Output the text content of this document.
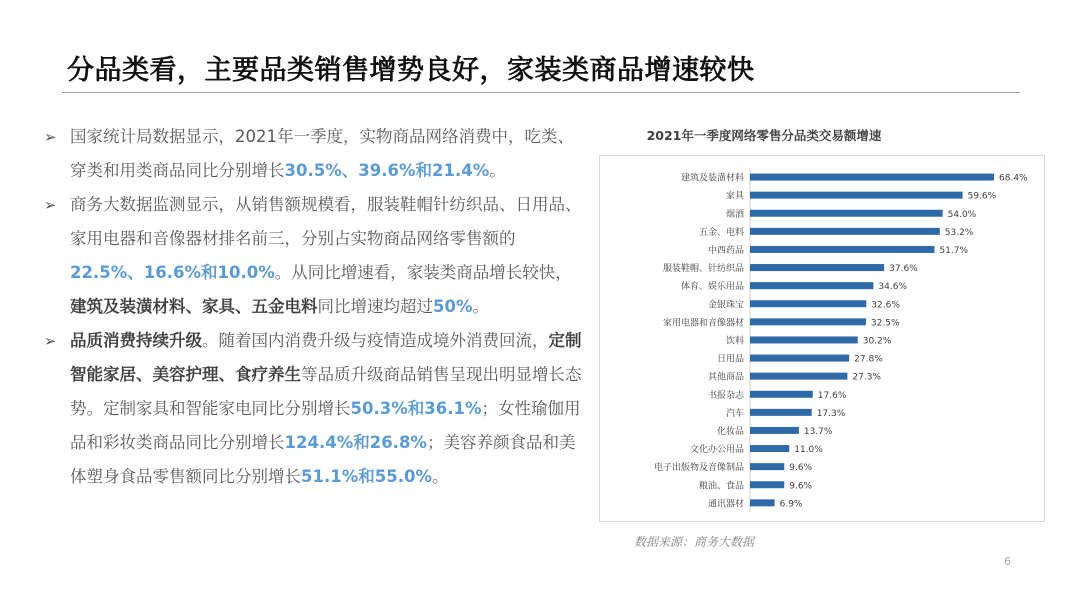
分品类看，主要品类销售增势良好，家装类商品增速较快
➢ 国家统计局数据显示，2021年一季度，实物商品网络消费中，吃类、穿类和用类商品同比分别增长30.5%、39.6%和21.4%。
➢ 商务大数据监测显示，从销售额规模看，服装鞋帽针纺织品、日用品、家用电器和音像器材排名前三，分别占实物商品网络零售额的22.5%、16.6%和10.0%。从同比增速看，家装类商品增长较快，建筑及装潢材料、家具、五金电料同比增速均超过50%。
➢ 品质消费持续升级。随着国内消费升级与疫情造成境外消费回流，定制智能家居、美容护理、食疗养生等品质升级商品销售呈现出明显增长态势。定制家具和智能家电同比分别增长50.3%和36.1%；女性瑜伽用品和彩妆类商品同比分别增长124.4%和26.8%；美容养颜食品和美体塑身食品零售额同比分别增长51.1%和55.0%。
2021年一季度网络零售分品类交易额增速
建筑及装潢材料	68.4%
家具	59.6%
烟酒	54.0%
五金、电料	53.2%
中西药品	51.7%
服装鞋帽、针纺织品	37.6%
体育、娱乐用品	34.6%
金银珠宝	32.6%
家用电器和音像器材	32.5%
饮料	30.2%
日用品	27.8%
其他商品	27.3%
书报杂志	17.6%
汽车	17.3%
化妆品	13.7%
文化办公用品	11.0%
电子出版物及音像制品	9.6%
粮油、食品	9.6%
通讯器材	6.9%
数据来源：商务大数据
6
